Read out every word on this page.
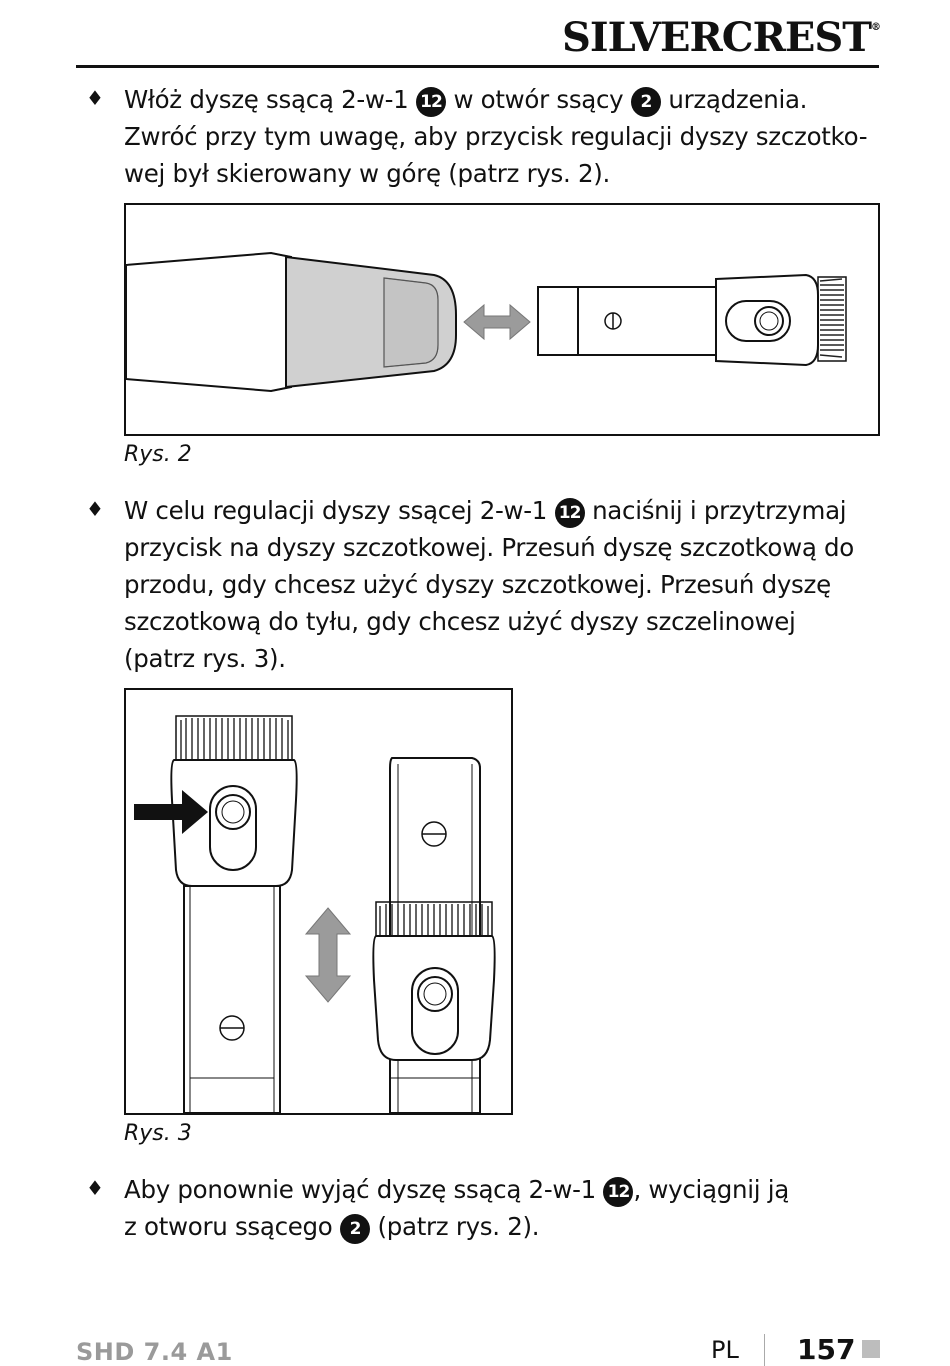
SILVERCREST®
♦ Włóż dyszę ssącą 2-w-1 12 w otwór ssący 2 urządzenia.
Zwróć przy tym uwagę, aby przycisk regulacji dyszy szczotko-
wej był skierowany w górę (patrz rys. 2).
Rys. 2
♦ W celu regulacji dyszy ssącej 2-w-1 12 naciśnij i przytrzymaj
przycisk na dyszy szczotkowej. Przesuń dyszę szczotkową do
przodu, gdy chcesz użyć dyszy szczotkowej. Przesuń dyszę
szczotkową do tyłu, gdy chcesz użyć dyszy szczelinowej
(patrz rys. 3).
Rys. 3
♦ Aby ponownie wyjąć dyszę ssącą 2-w-1 12 , wyciągnij ją
z otworu ssącego 2 (patrz rys. 2).
SHD 7.4 A1	PL 157
